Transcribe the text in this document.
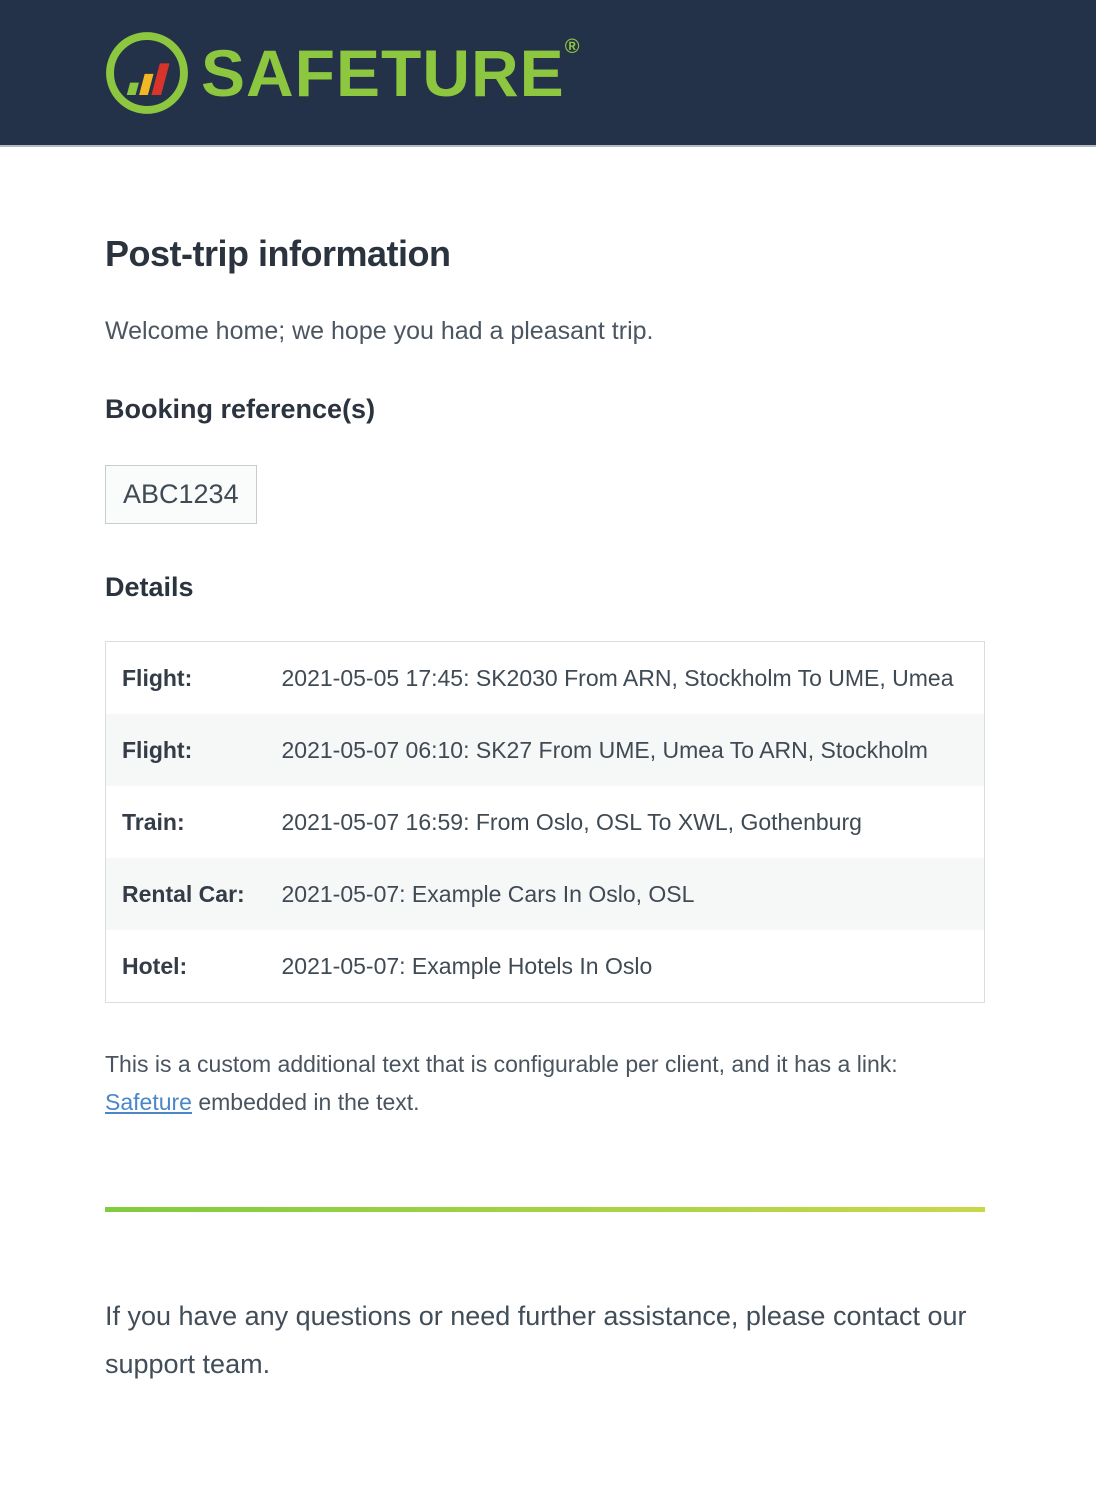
SAFETURE ®
Post-trip information

Welcome home; we hope you had a pleasant trip.

Booking reference(s)
ABC1234
Details
Flight:	2021-05-05 17:45: SK2030 From ARN, Stockholm To UME, Umea
Flight:	2021-05-07 06:10: SK27 From UME, Umea To ARN, Stockholm
Train:	2021-05-07 16:59: From Oslo, OSL To XWL, Gothenburg
Rental Car:	2021-05-07: Example Cars In Oslo, OSL
Hotel:	2021-05-07: Example Hotels In Oslo

This is a custom additional text that is configurable per client, and it has a link: Safeture embedded in the text.

If you have any questions or need further assistance, please contact our support team.
